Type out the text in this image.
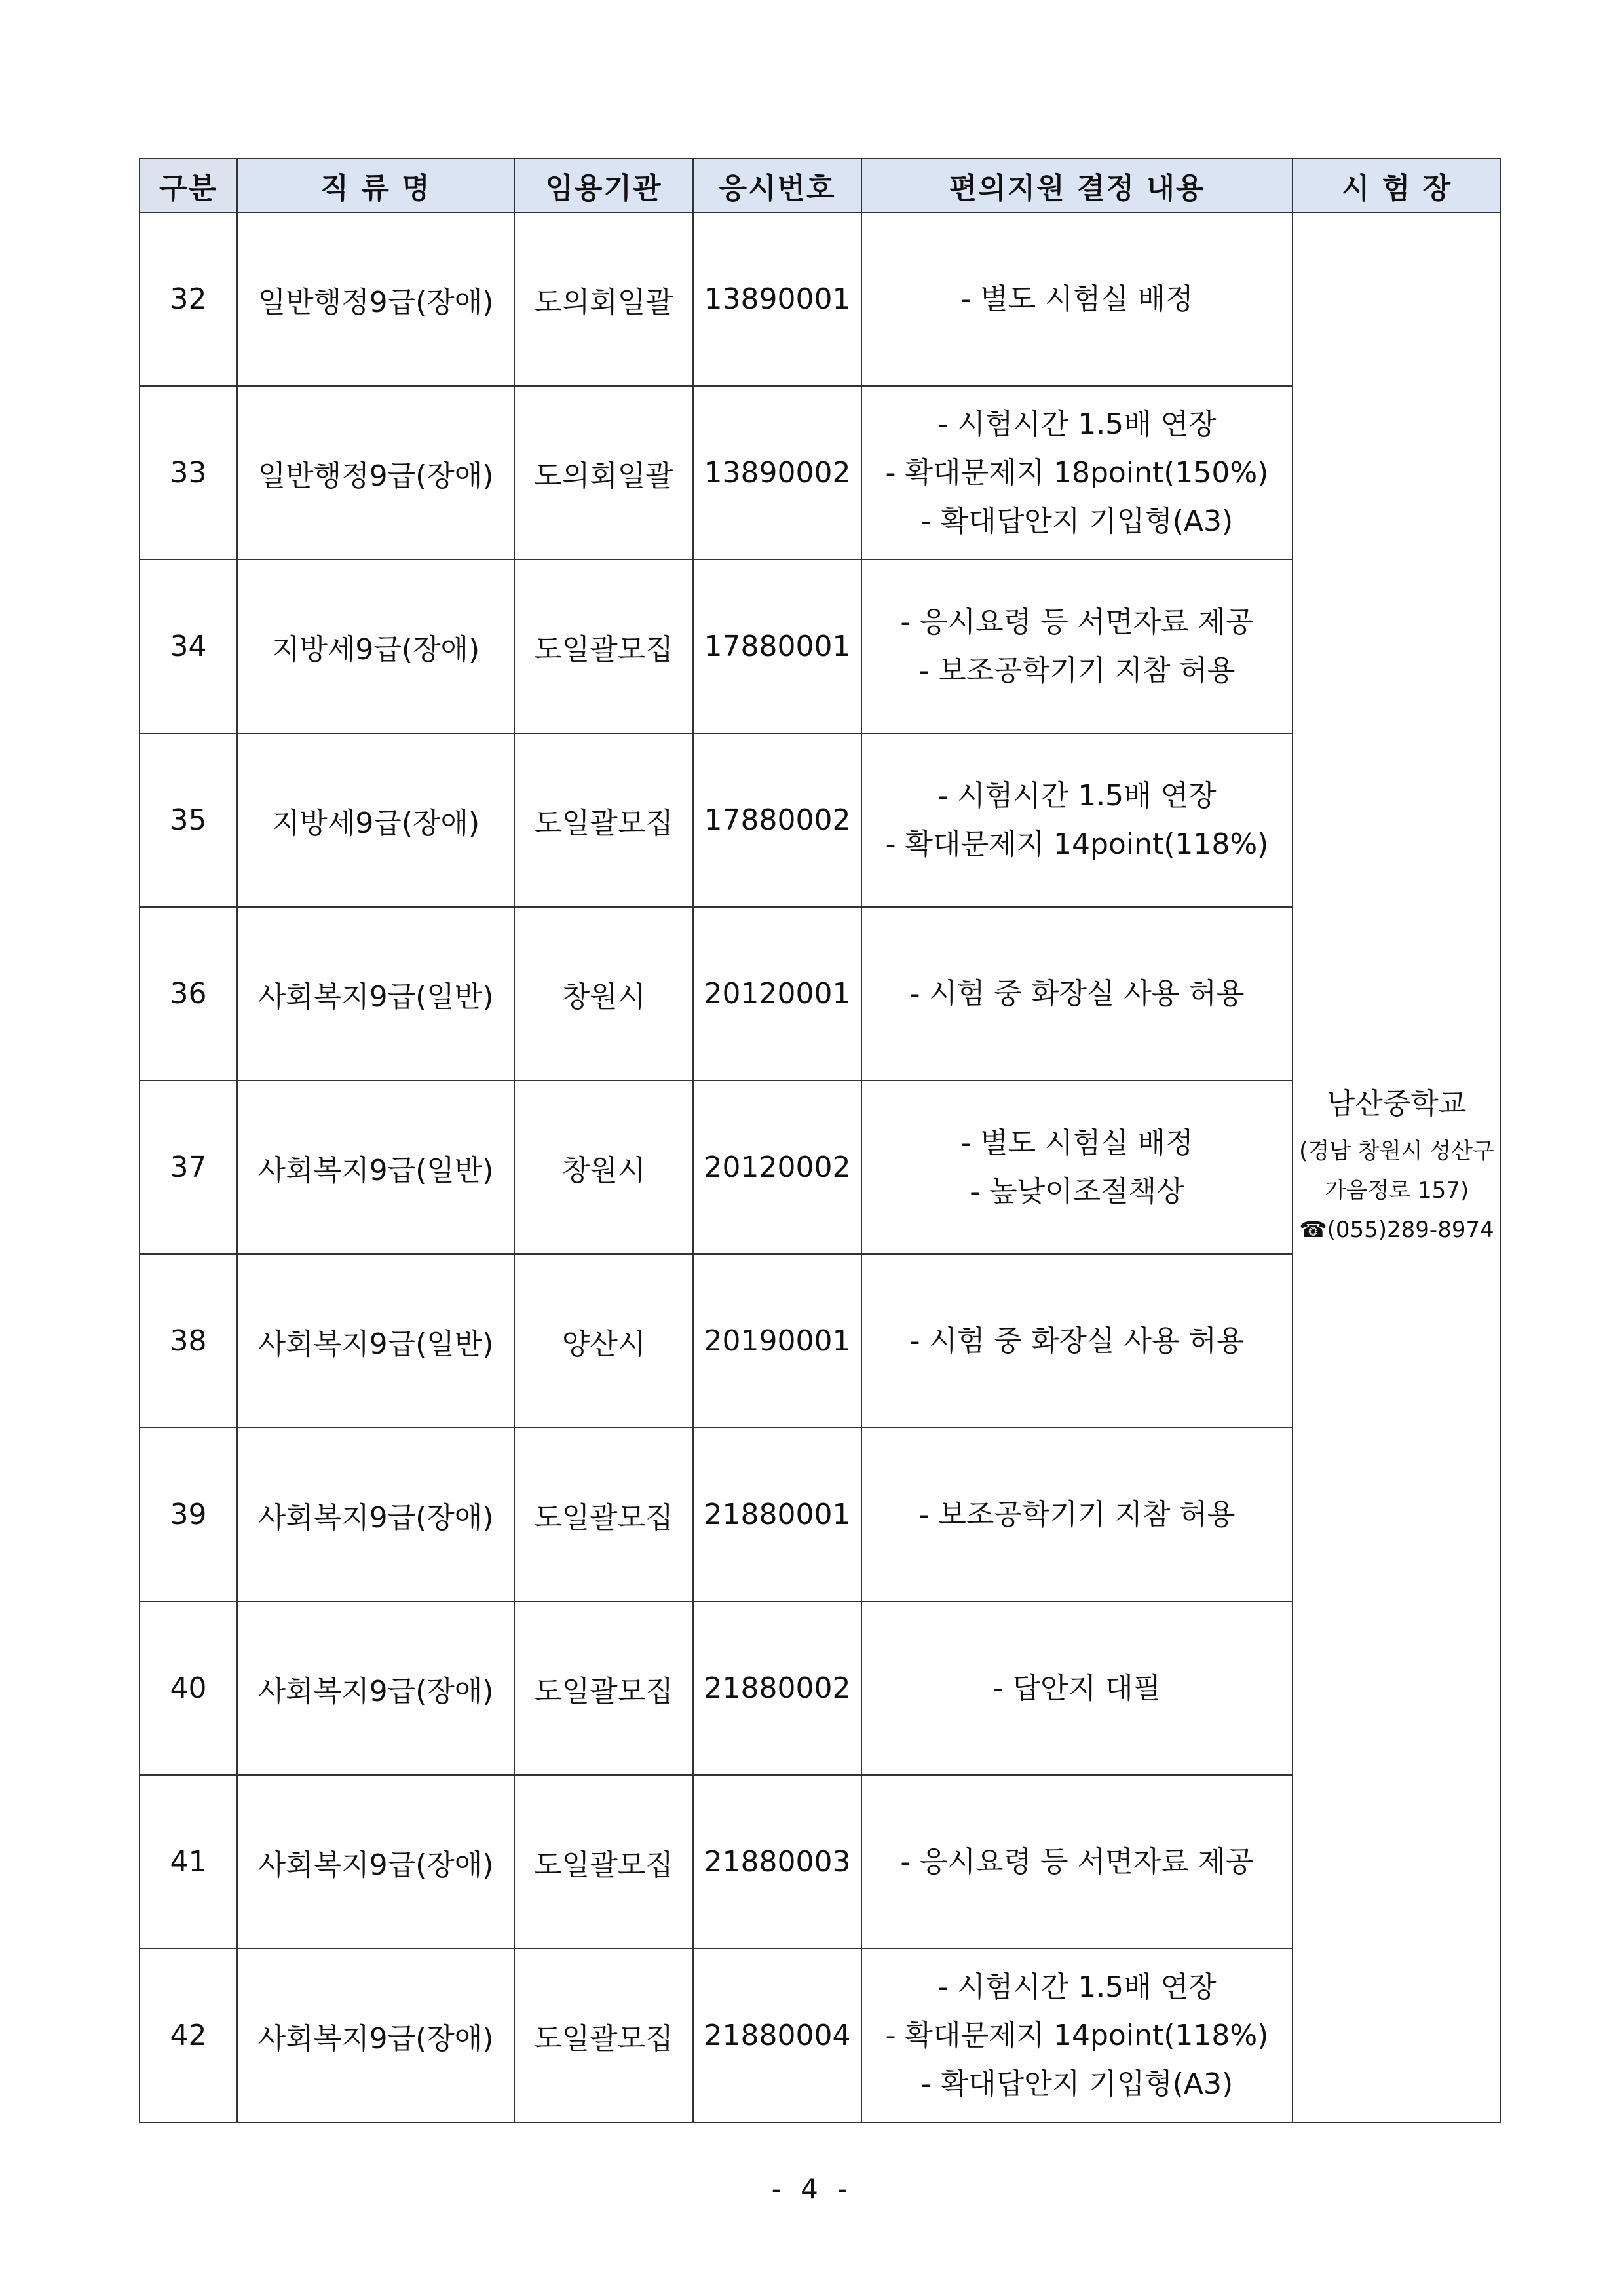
구분	직 류 명	임용기관	응시번호	편의지원 결정 내용	시 험 장
32	일반행정9급(장애)	도의회일괄	13890001	- 별도 시험실 배정	남산중학교
(경남 창원시 성산구
가음정로 157)
☎(055)289-8974

33	일반행정9급(장애)	도의회일괄	13890002	- 시험시간 1.5배 연장
- 확대문제지 18point(150%)
- 확대답안지 기입형(A3)	

34	지방세9급(장애)	도일괄모집	17880001	- 응시요령 등 서면자료 제공
- 보조공학기기 지참 허용	

35	지방세9급(장애)	도일괄모집	17880002	- 시험시간 1.5배 연장
- 확대문제지 14point(118%)	

36	사회복지9급(일반)	창원시	20120001	- 시험 중 화장실 사용 허용	

37	사회복지9급(일반)	창원시	20120002	- 별도 시험실 배정
- 높낮이조절책상	

38	사회복지9급(일반)	양산시	20190001	- 시험 중 화장실 사용 허용	

39	사회복지9급(장애)	도일괄모집	21880001	- 보조공학기기 지참 허용	

40	사회복지9급(장애)	도일괄모집	21880002	- 답안지 대필	

41	사회복지9급(장애)	도일괄모집	21880003	- 응시요령 등 서면자료 제공	

42	사회복지9급(장애)	도일괄모집	21880004	- 시험시간 1.5배 연장
- 확대문제지 14point(118%)
- 확대답안지 기입형(A3)	
- 4 -
